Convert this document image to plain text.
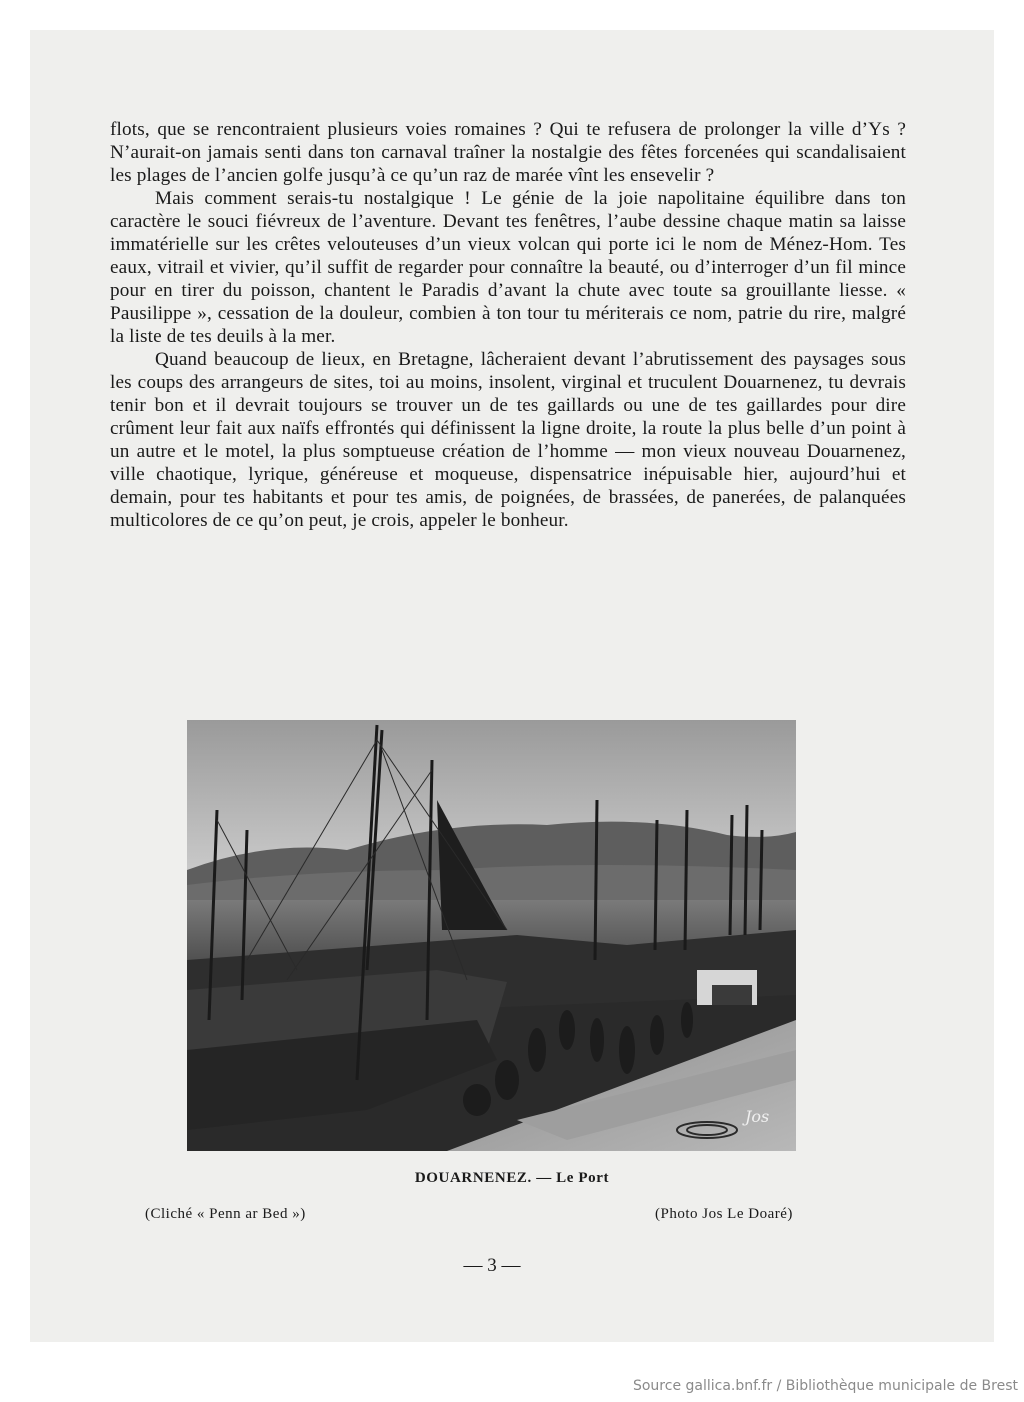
flots, que se rencontraient plusieurs voies romaines ? Qui te refusera de prolonger la ville d’Ys ? N’aurait-on jamais senti dans ton carnaval traîner la nostalgie des fêtes forcenées qui scandalisaient les plages de l’ancien golfe jusqu’à ce qu’un raz de marée vînt les ensevelir ?

Mais comment serais-tu nostalgique ! Le génie de la joie napolitaine équilibre dans ton caractère le souci fiévreux de l’aventure. Devant tes fenêtres, l’aube dessine chaque matin sa laisse immatérielle sur les crêtes velouteuses d’un vieux volcan qui porte ici le nom de Ménez-Hom. Tes eaux, vitrail et vivier, qu’il suffit de regarder pour connaître la beauté, ou d’interroger d’un fil mince pour en tirer du poisson, chantent le Paradis d’avant la chute avec toute sa grouillante liesse. « Pausilippe », cessation de la douleur, combien à ton tour tu mériterais ce nom, patrie du rire, malgré la liste de tes deuils à la mer.

Quand beaucoup de lieux, en Bretagne, lâcheraient devant l’abrutissement des paysages sous les coups des arrangeurs de sites, toi au moins, insolent, virginal et truculent Douarnenez, tu devrais tenir bon et il devrait toujours se trouver un de tes gaillards ou une de tes gaillardes pour dire crûment leur fait aux naïfs effrontés qui définissent la ligne droite, la route la plus belle d’un point à un autre et le motel, la plus somptueuse création de l’homme — mon vieux nouveau Douarnenez, ville chaotique, lyrique, généreuse et moqueuse, dispensatrice inépuisable hier, aujourd’hui et demain, pour tes habitants et pour tes amis, de poignées, de brassées, de panerées, de palanquées multicolores de ce qu’on peut, je crois, appeler le bonheur.

Jos
DOUARNENEZ. — Le Port
(Cliché « Penn ar Bed »)	(Photo Jos Le Doaré)
— 3 —
Source gallica.bnf.fr / Bibliothèque municipale de Brest
